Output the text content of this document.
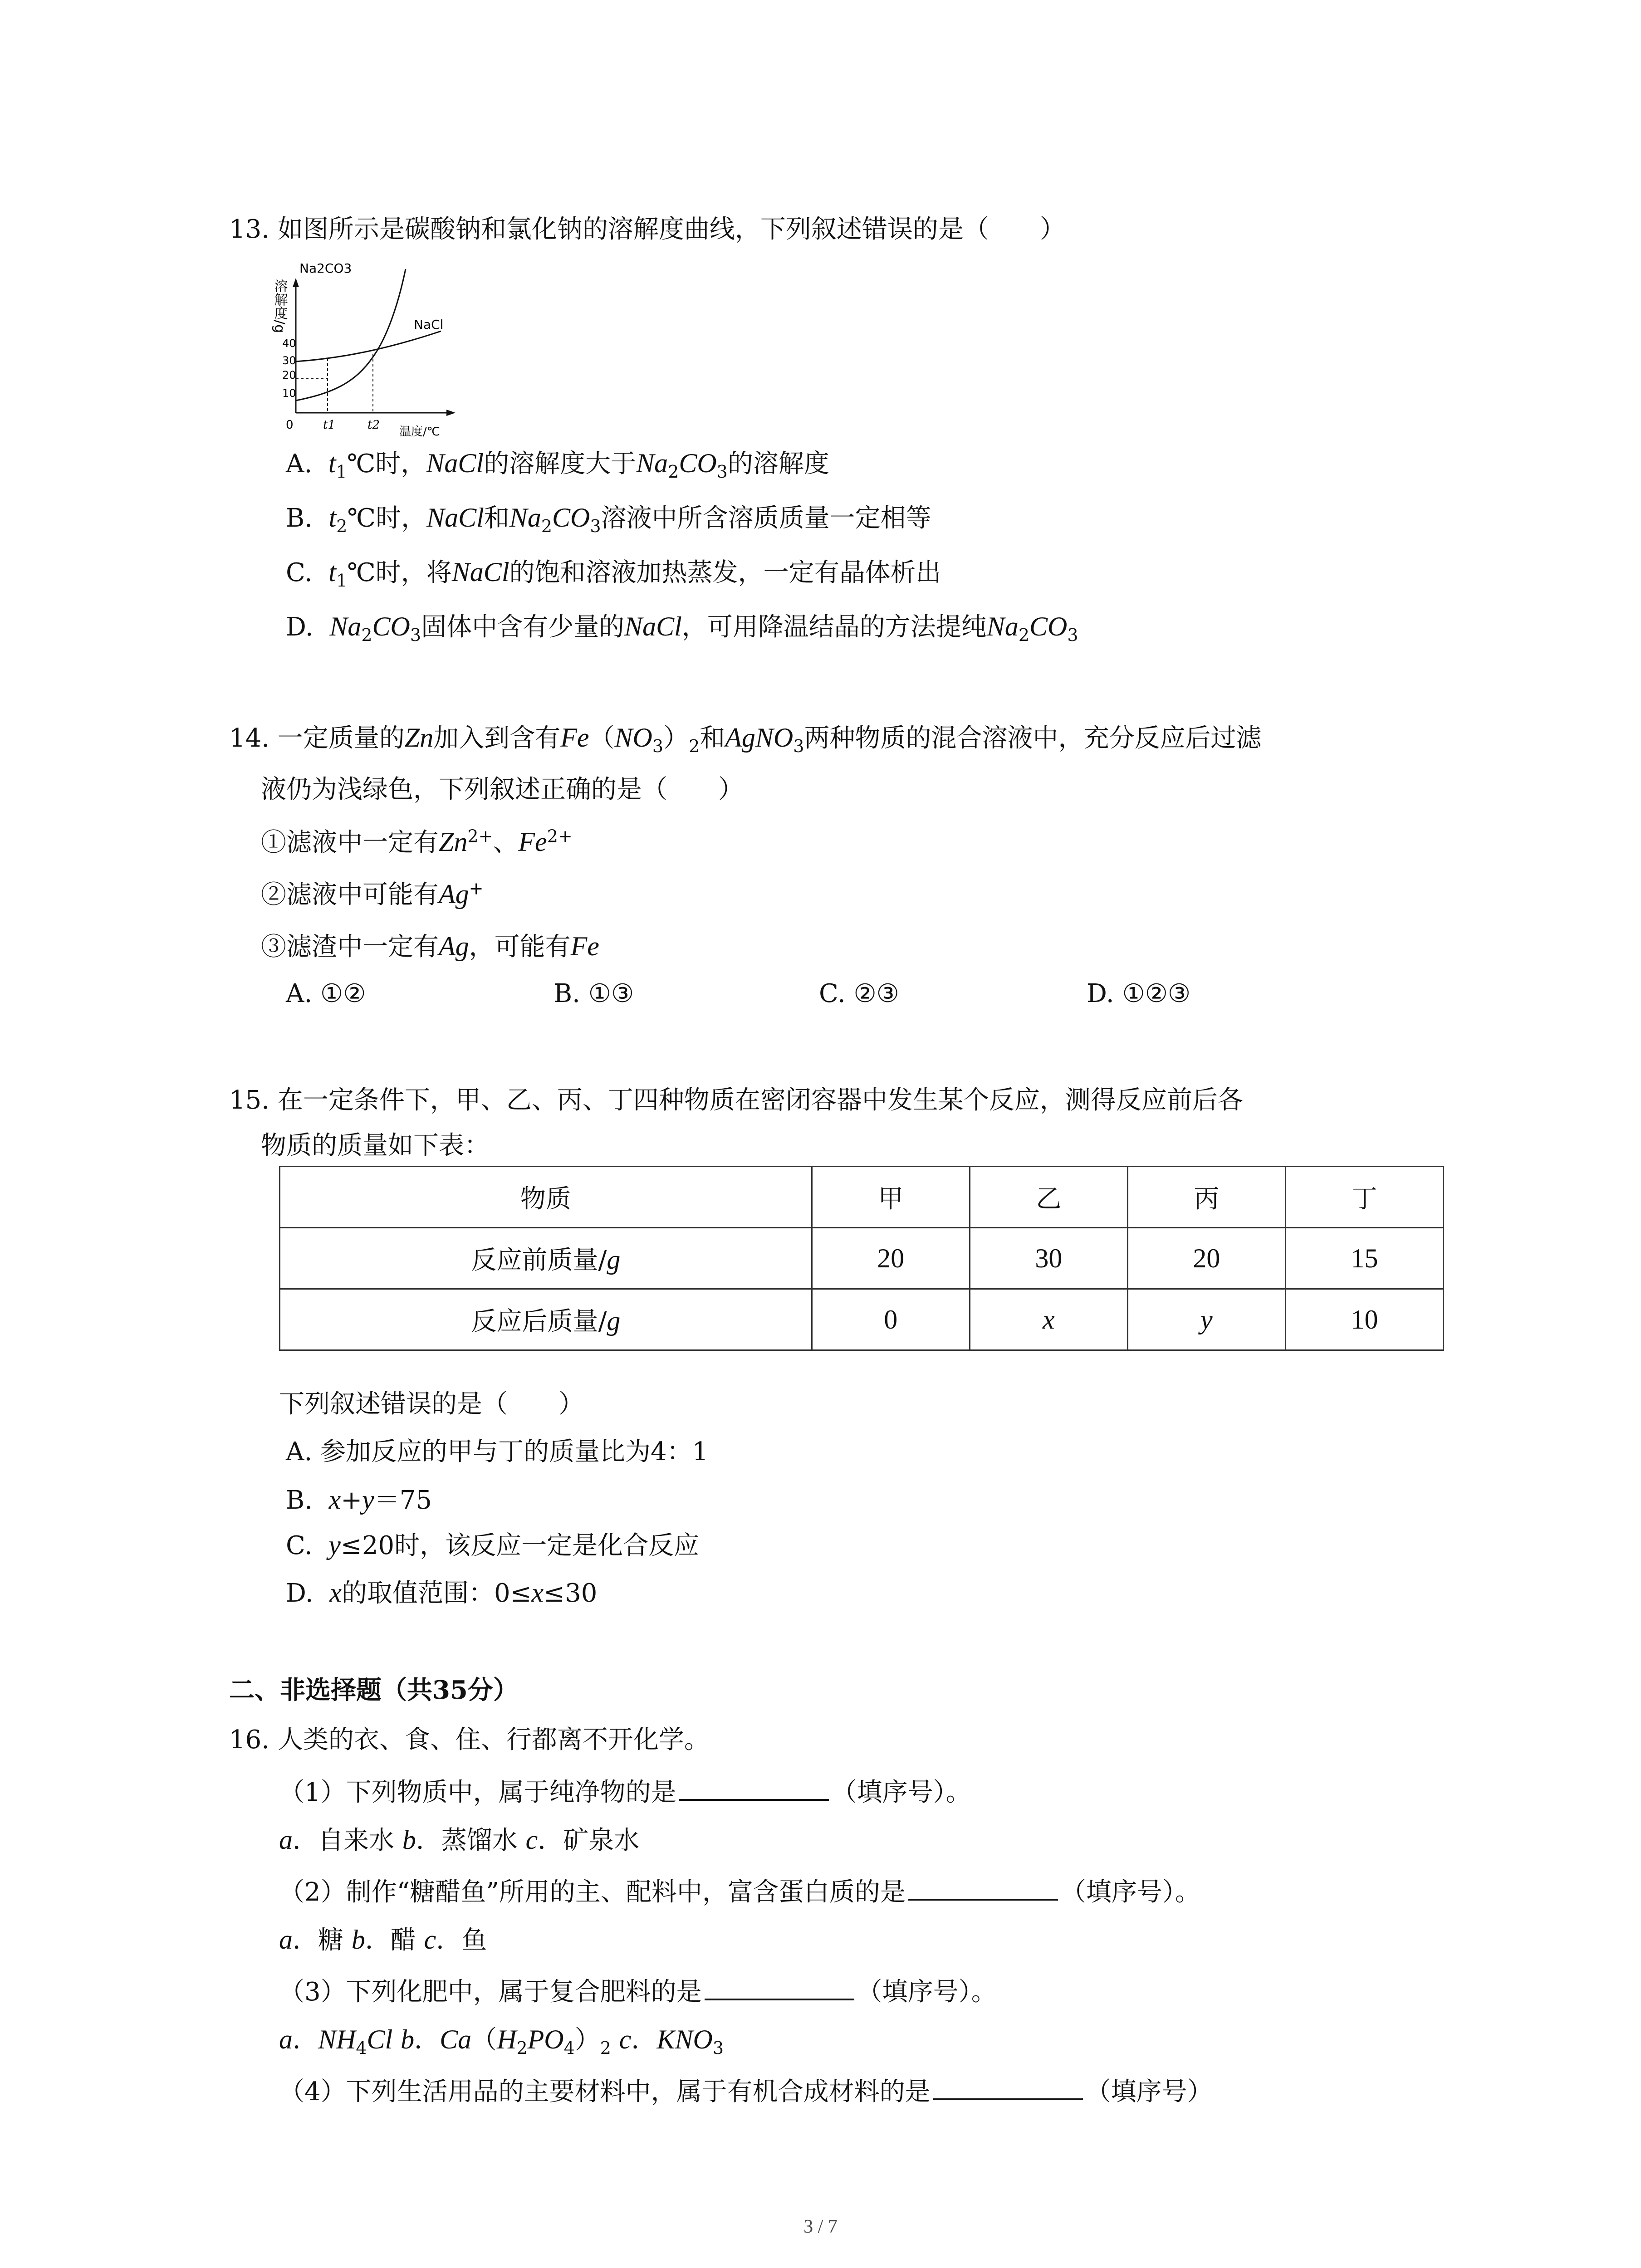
13. 如图所示是碳酸钠和氯化钠的溶解度曲线，下列叙述错误的是（　　）
溶解度/g
Na2CO3
NaCl
40
30
20
10
0	t1	t2 温度/℃
A. $t_1℃$时，NaCl的溶解度大于$Na_2CO_3$的溶解度
B. $t_2℃$时，NaCl和$Na_2CO_3$溶液中所含溶质质量一定相等
C. $t_1℃$时，将NaCl的饱和溶液加热蒸发，一定有晶体析出
D. $Na_2CO_3$固体中含有少量的NaCl，可用降温结晶的方法提纯$Na_2CO_3$
14. 一定质量的Zn加入到含有$Fe(NO_3)_2$和AgNO$_3$两种物质的混合溶液中，充分反应后过滤
液仍为浅绿色，下列叙述正确的是（　　）
①滤液中一定有$Zn^{2+}$、$Fe^{2+}$
②滤液中可能有Ag+
③滤渣中一定有Ag，可能有Fe
A. ①②	B. ①③	C. ②③	D. ①②③
15. 在一定条件下，甲、乙、丙、丁四种物质在密闭容器中发生某个反应，测得反应前后各
物质的质量如下表：
物质	甲	乙	丙	丁
反应前质量/g	20	30	20	15
反应后质量/g	0	x	y	10
下列叙述错误的是（　　）
A. 参加反应的甲与丁的质量比为4：1
B.  x+y＝75
C.  y≤20时，该反应一定是化合反应
D.  x的取值范围：0≤x≤30
二、非选择题（共35分）
16. 人类的衣、食、住、行都离不开化学。
（1）下列物质中，属于纯净物的是	（填序号）。
a．自来水 b．蒸馏水 c．矿泉水
（2）制作“糖醋鱼”所用的主、配料中，富含蛋白质的是	（填序号）。
a．糖 b．醋 c．鱼
（3）下列化肥中，属于复合肥料的是	（填序号）。
a．$NH_4Cl$ b．$Ca(H_2PO_4)_2$ c．$KNO_3$
（4）下列生活用品的主要材料中，属于有机合成材料的是	（填序号）
3 / 7
